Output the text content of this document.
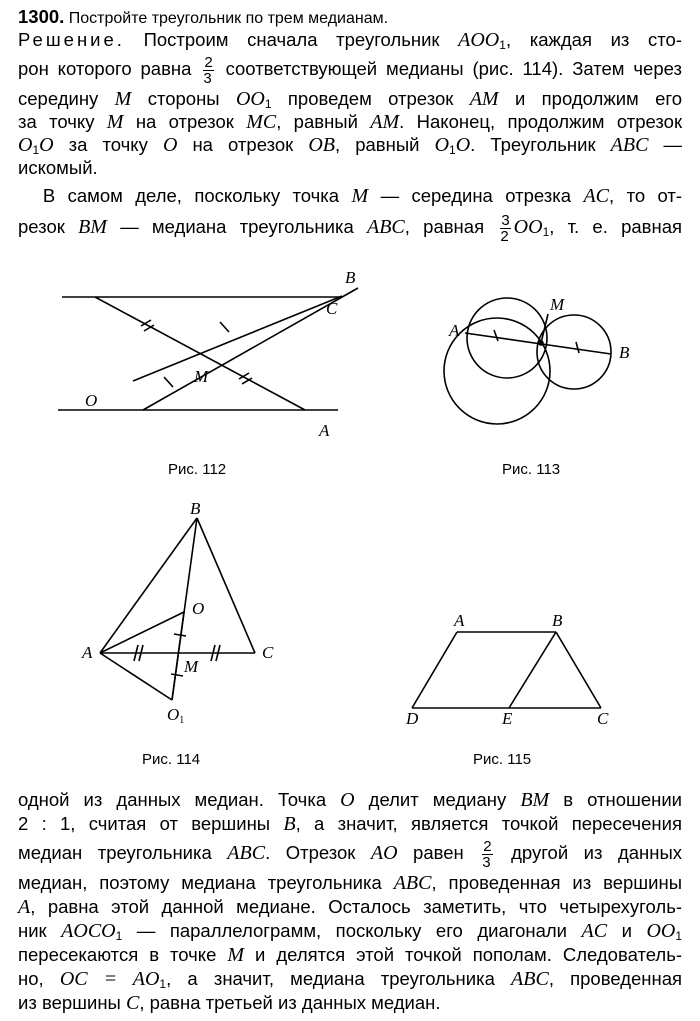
1300. Постройте треугольник по трем медианам.
Решение. Построим сначала треугольник $AOO_1$, каждая из сто-
рон которого равна $\frac{2}{3}$ соответствующей медианы (рис. 114). Затем через
середину M стороны $OO_1$ проведем отрезок AM и продолжим его
за точку M на отрезок MC, равный AM. Наконец, продолжим отрезок
$O_1O$ за точку O на отрезок OB, равный $O_1O$. Треугольник ABC —
искомый.
В самом деле, поскольку точка M — середина отрезка AC, то от-
резок BM — медиана треугольника ABC, равная $\frac{3}{2} OO_1$, т. е. равная
B
C
M
O
A
Рис. 112
M
A
B
Рис. 113
B
O
A	C
M
O1
Рис. 114
A	B
D	E	C
Рис. 115
одной из данных медиан. Точка O делит медиану BM в отношении
2 : 1, считая от вершины B, а значит, является точкой пересечения
медиан треугольника ABC. Отрезок AO равен $\frac{2}{3}$ другой из данных
медиан, поэтому медиана треугольника ABC, проведенная из вершины
A, равна этой данной медиане. Осталось заметить, что четырехуголь-
ник $AOCO_1$ — параллелограмм, поскольку его диагонали AC и $OO_1$
пересекаются в точке M и делятся этой точкой пополам. Следователь-
но, OC = $AO_1$, а значит, медиана треугольника ABC, проведенная
из вершины C, равна третьей из данных медиан.
